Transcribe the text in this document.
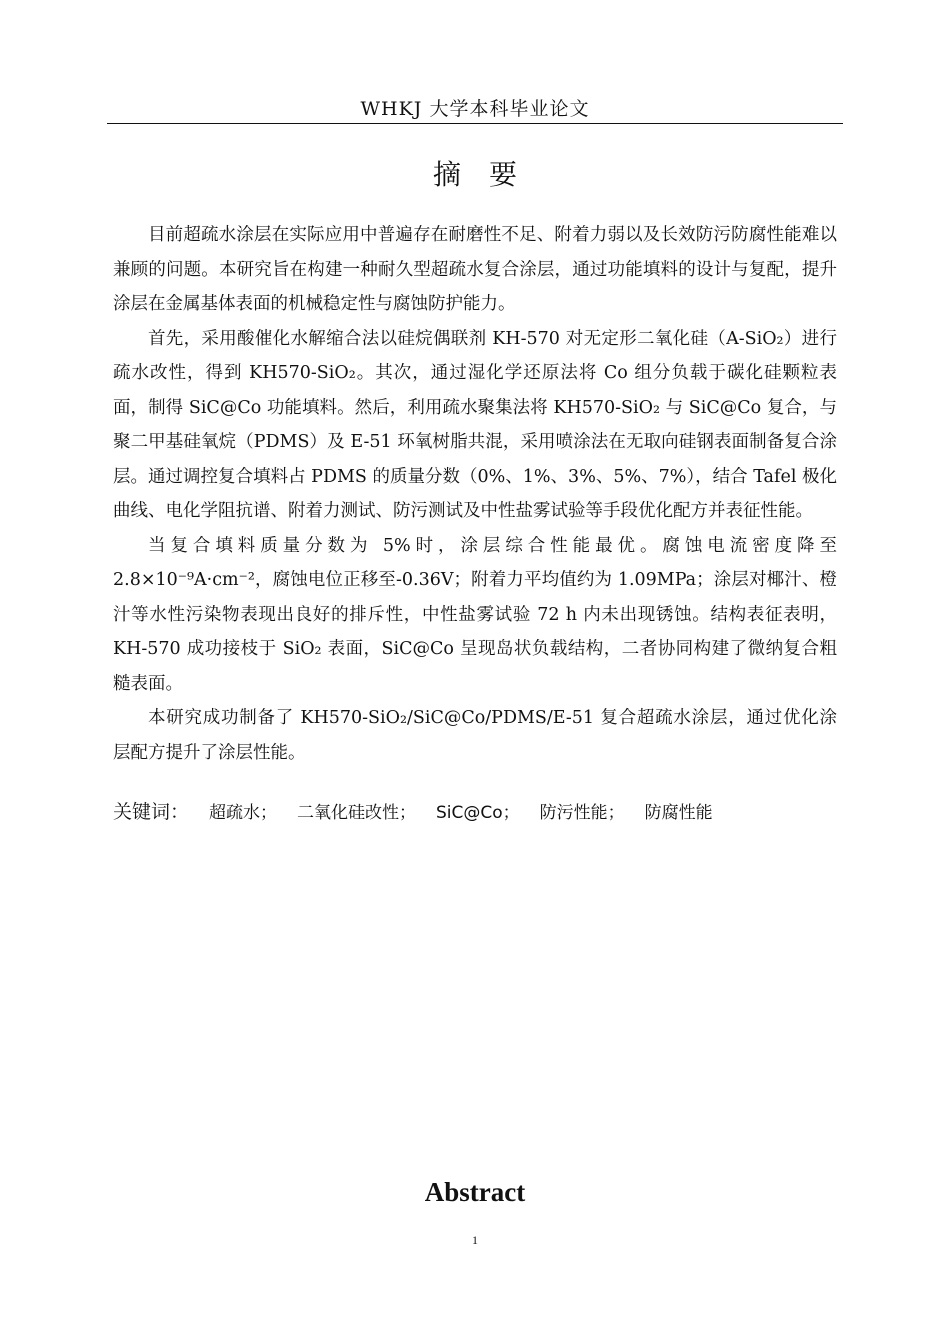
WHKJ 大学本科毕业论文
摘　要

目前超疏水涂层在实际应用中普遍存在耐磨性不足、附着力弱以及长效防污防腐性能难以兼顾的问题。本研究旨在构建一种耐久型超疏水复合涂层，通过功能填料的设计与复配，提升涂层在金属基体表面的机械稳定性与腐蚀防护能力。

首先，采用酸催化水解缩合法以硅烷偶联剂 KH-570 对无定形二氧化硅（A-SiO₂）进行疏水改性，得到 KH570-SiO₂。其次，通过湿化学还原法将 Co 组分负载于碳化硅颗粒表面，制得 SiC@Co 功能填料。然后，利用疏水聚集法将 KH570-SiO₂ 与 SiC@Co 复合，与聚二甲基硅氧烷（PDMS）及 E-51 环氧树脂共混，采用喷涂法在无取向硅钢表面制备复合涂层。通过调控复合填料占 PDMS 的质量分数（0%、1%、3%、5%、7%），结合 Tafel 极化曲线、电化学阻抗谱、附着力测试、防污测试及中性盐雾试验等手段优化配方并表征性能。

当复合填料质量分数为 5%时，涂层综合性能最优。腐蚀电流密度降至 2.8×10⁻⁹A·cm⁻²，腐蚀电位正移至-0.36V；附着力平均值约为 1.09MPa；涂层对椰汁、橙汁等水性污染物表现出良好的排斥性，中性盐雾试验 72 h 内未出现锈蚀。结构表征表明，KH-570 成功接枝于 SiO₂ 表面，SiC@Co 呈现岛状负载结构，二者协同构建了微纳复合粗糙表面。

本研究成功制备了 KH570-SiO₂/SiC@Co/PDMS/E-51 复合超疏水涂层，通过优化涂层配方提升了涂层性能。

关键词： 超疏水； 二氧化硅改性； SiC@Co； 防污性能； 防腐性能
Abstract
1
